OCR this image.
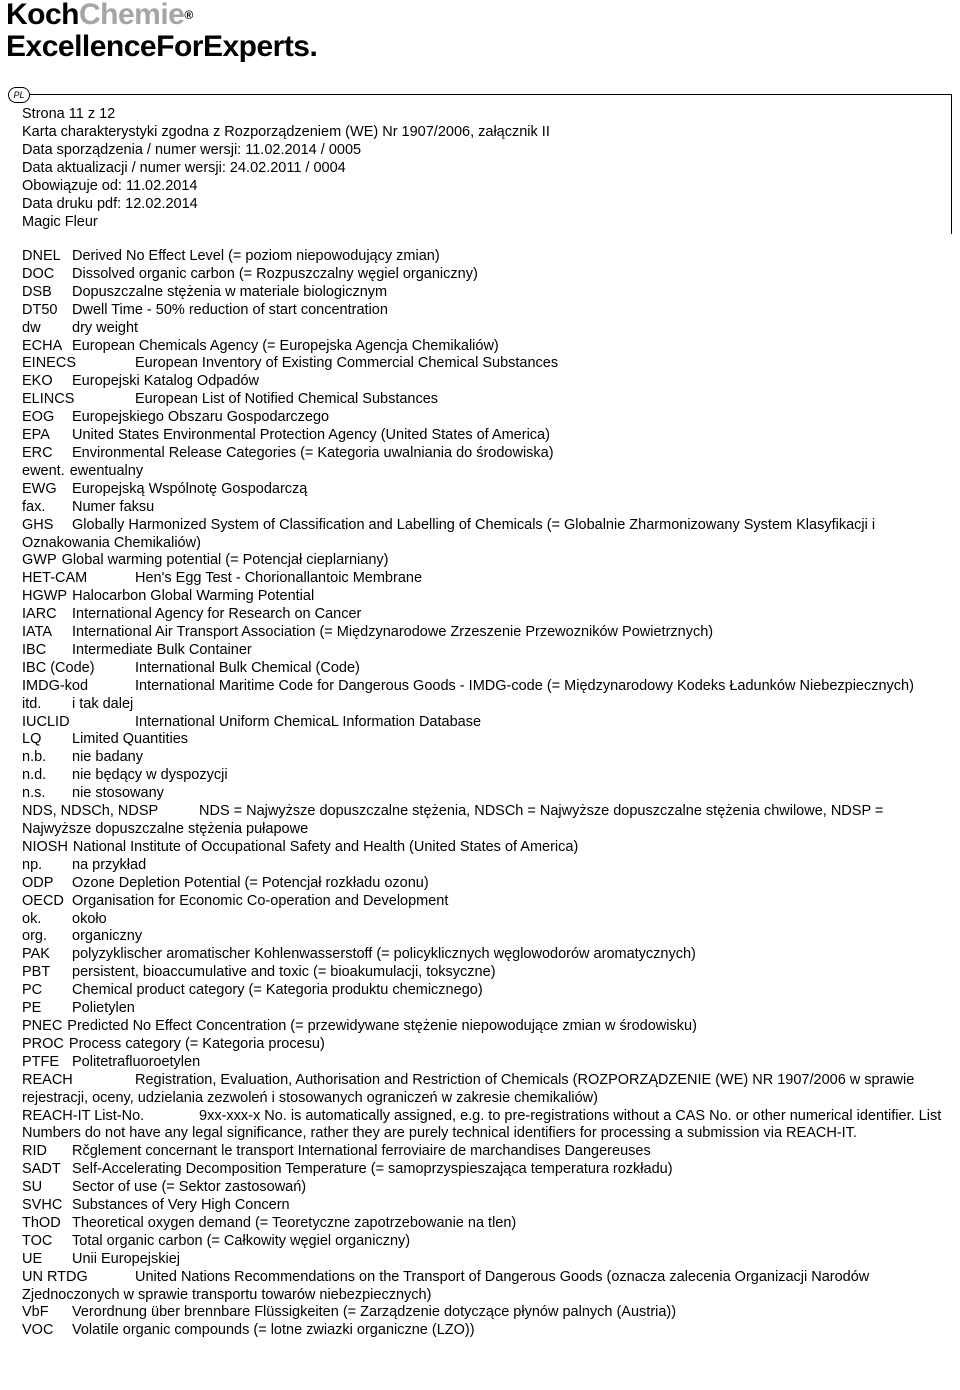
KochChemie®
ExcellenceForExperts.
PL
Strona 11 z 12
Karta charakterystyki zgodna z Rozporządzeniem (WE) Nr 1907/2006, załącznik II
Data sporządzenia / numer wersji: 11.02.2014 / 0005
Data aktualizacji / numer wersji: 24.02.2011 / 0004
Obowiązuje od: 11.02.2014
Data druku pdf: 12.02.2014
Magic Fleur
DNEL Derived No Effect Level (= poziom niepowodujący zmian)
DOC Dissolved organic carbon (= Rozpuszczalny węgiel organiczny)
DSB Dopuszczalne stężenia w materiale biologicznym
DT50 Dwell Time - 50% reduction of start concentration
dw dry weight
ECHA European Chemicals Agency (= Europejska Agencja Chemikaliów)
EINECS	European Inventory of Existing Commercial Chemical Substances
EKO Europejski Katalog Odpadów
ELINCS	European List of Notified Chemical Substances
EOG Europejskiego Obszaru Gospodarczego
EPA United States Environmental Protection Agency (United States of America)
ERC Environmental Release Categories (= Kategoria uwalniania do środowiska)
ewent. ewentualny
EWG Europejską Wspólnotę Gospodarczą
fax. Numer faksu
GHS Globally Harmonized System of Classification and Labelling of Chemicals (= Globalnie Zharmonizowany System Klasyfikacji i Oznakowania Chemikaliów)
GWP Global warming potential (= Potencjał cieplarniany)
HET-CAM	Hen's Egg Test - Chorionallantoic Membrane
HGWP Halocarbon Global Warming Potential
IARC International Agency for Research on Cancer
IATA International Air Transport Association (= Międzynarodowe Zrzeszenie Przewozników Powietrznych)
IBC Intermediate Bulk Container
IBC (Code)	International Bulk Chemical (Code)
IMDG-kod	International Maritime Code for Dangerous Goods - IMDG-code (= Międzynarodowy Kodeks Ładunków Niebezpiecznych)
itd. i tak dalej
IUCLID	International Uniform ChemicaL Information Database
LQ Limited Quantities
n.b. nie badany
n.d. nie będący w dyspozycji
n.s. nie stosowany
NDS, NDSCh, NDSP	NDS = Najwyższe dopuszczalne stężenia, NDSCh = Najwyższe dopuszczalne stężenia chwilowe, NDSP = Najwyższe dopuszczalne stężenia pułapowe
NIOSH National Institute of Occupational Safety and Health (United States of America)
np. na przykład
ODP Ozone Depletion Potential (= Potencjał rozkładu ozonu)
OECD Organisation for Economic Co-operation and Development
ok. około
org. organiczny
PAK polyzyklischer aromatischer Kohlenwasserstoff (= policyklicznych węglowodorów aromatycznych)
PBT persistent, bioaccumulative and toxic (= bioakumulacji, toksyczne)
PC Chemical product category (= Kategoria produktu chemicznego)
PE Polietylen
PNEC Predicted No Effect Concentration (= przewidywane stężenie niepowodujące zmian w środowisku)
PROC Process category (= Kategoria procesu)
PTFE Politetrafluoroetylen
REACH	Registration, Evaluation, Authorisation and Restriction of Chemicals (ROZPORZĄDZENIE (WE) NR 1907/2006 w sprawie rejestracji, oceny, udzielania zezwoleń i stosowanych ograniczeń w zakresie chemikaliów)
REACH-IT List-No.	9xx-xxx-x No. is automatically assigned, e.g. to pre-registrations without a CAS No. or other numerical identifier. List Numbers do not have any legal significance, rather they are purely technical identifiers for processing a submission via REACH-IT.
RID Rčglement concernant le transport International ferroviaire de marchandises Dangereuses
SADT Self-Accelerating Decomposition Temperature (= samoprzyspieszająca temperatura rozkładu)
SU Sector of use (= Sektor zastosowań)
SVHC Substances of Very High Concern
ThOD Theoretical oxygen demand (= Teoretyczne zapotrzebowanie na tlen)
TOC Total organic carbon (= Całkowity węgiel organiczny)
UE Unii Europejskiej
UN RTDG	United Nations Recommendations on the Transport of Dangerous Goods (oznacza zalecenia Organizacji Narodów Zjednoczonych w sprawie transportu towarów niebezpiecznych)
VbF Verordnung über brennbare Flüssigkeiten (= Zarządzenie dotyczące płynów palnych (Austria))
VOC Volatile organic compounds (= lotne zwiazki organiczne (LZO))
